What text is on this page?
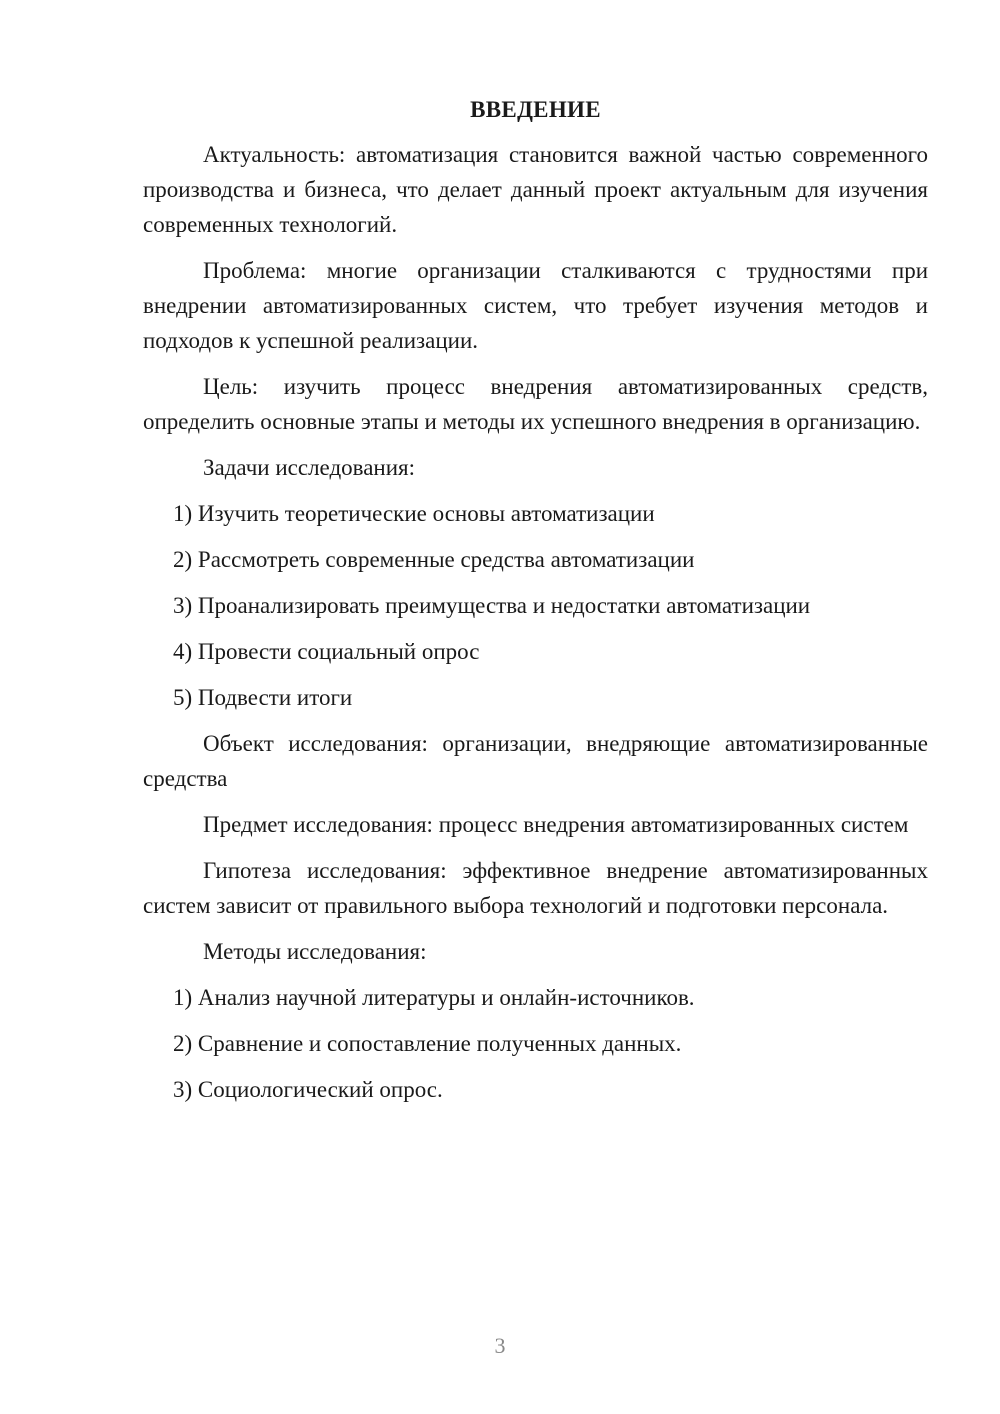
ВВЕДЕНИЕ

Актуальность: автоматизация становится важной частью современного производства и бизнеса, что делает данный проект актуальным для изучения современных технологий.

Проблема: многие организации сталкиваются с трудностями при внедрении автоматизированных систем, что требует изучения методов и подходов к успешной реализации.

Цель: изучить процесс внедрения автоматизированных средств, определить основные этапы и методы их успешного внедрения в организацию.

Задачи исследования:

1) Изучить теоретические основы автоматизации
2) Рассмотреть современные средства автоматизации
3) Проанализировать преимущества и недостатки автоматизации
4) Провести социальный опрос
5) Подвести итоги

Объект исследования: организации, внедряющие автоматизированные средства

Предмет исследования: процесс внедрения автоматизированных систем

Гипотеза исследования: эффективное внедрение автоматизированных систем зависит от правильного выбора технологий и подготовки персонала.

Методы исследования:

1) Анализ научной литературы и онлайн-источников.
2) Сравнение и сопоставление полученных данных.
3) Социологический опрос.
3
